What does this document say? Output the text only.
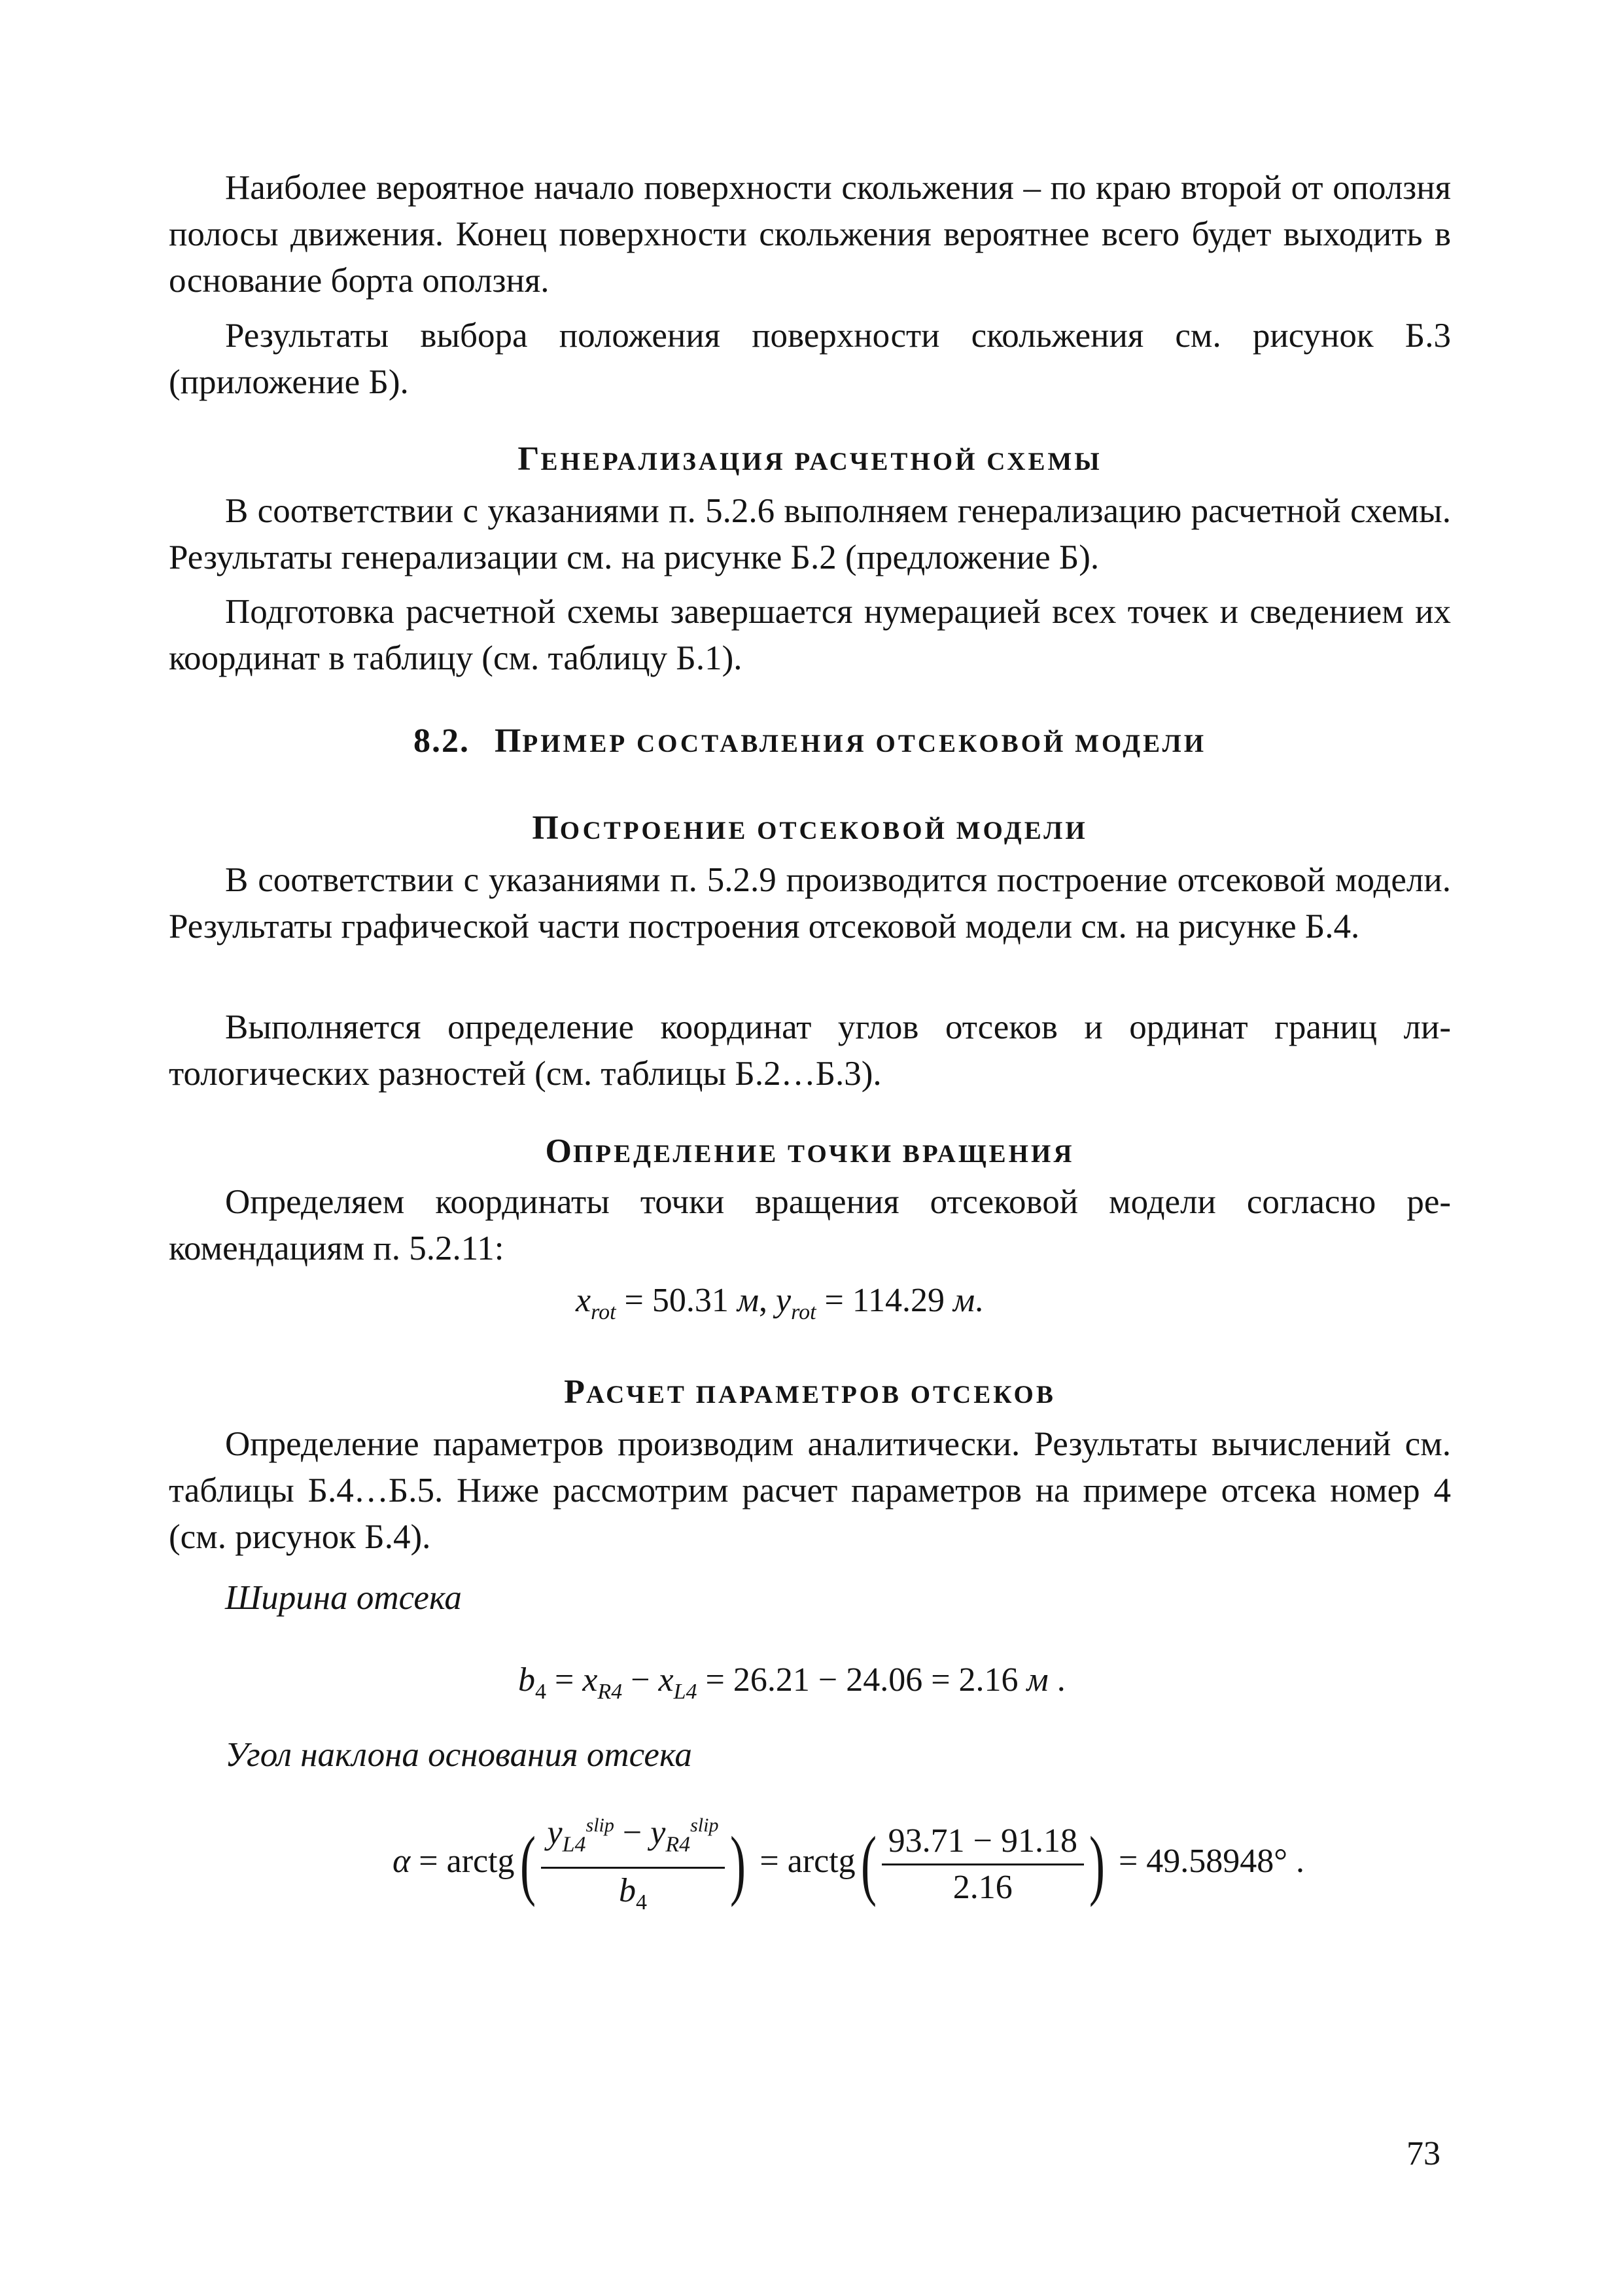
Наиболее вероятное начало поверхности скольжения – по краю второй от оползня полосы движения. Конец поверхности скольжения вероятнее всего будет выходить в основание борта оползня.

Результаты выбора положения поверхности скольжения см. рисунок Б.3 (приложение Б).

ГЕНЕРАЛИЗАЦИЯ РАСЧЕТНОЙ СХЕМЫ

В соответствии с указаниями п. 5.2.6 выполняем генерализацию расчетной схемы. Результаты генерализации см. на рисунке Б.2 (предложение Б).

Подготовка расчетной схемы завершается нумерацией всех точек и сведением их координат в таблицу (см. таблицу Б.1).

8.2. ПРИМЕР СОСТАВЛЕНИЯ ОТСЕКОВОЙ МОДЕЛИ
ПОСТРОЕНИЕ ОТСЕКОВОЙ МОДЕЛИ

В соответствии с указаниями п. 5.2.9 производится построение отсековой модели. Результаты графической части построения отсековой модели см. на рисунке Б.4.

Выполняется определение координат углов отсеков и ординат границ литологических разностей (см. таблицы Б.2…Б.3).

ОПРЕДЕЛЕНИЕ ТОЧКИ ВРАЩЕНИЯ

Определяем координаты точки вращения отсековой модели согласно рекомендациям п. 5.2.11:

$x_{rot} = 50.31$ м, $y_{rot} = 114.29$ м.
РАСЧЕТ ПАРАМЕТРОВ ОТСЕКОВ

Определение параметров производим аналитически. Результаты вычислений см. таблицы Б.4…Б.5. Ниже рассмотрим расчет параметров на примере отсека номер 4 (см. рисунок Б.4).

Ширина отсека

$b_4 = x_{R4} - x_{L4} = 26.21 - 24.06 = 2.16$ м .

Угол наклона основания отсека

α = arctg( $\frac{y_{L4}^{slip} - y_{R4}^{slip}}{b_4}$ ) = arctg( $\frac{93.71 - 91.18}{2.16}$ ) = 49.58948° .
73
